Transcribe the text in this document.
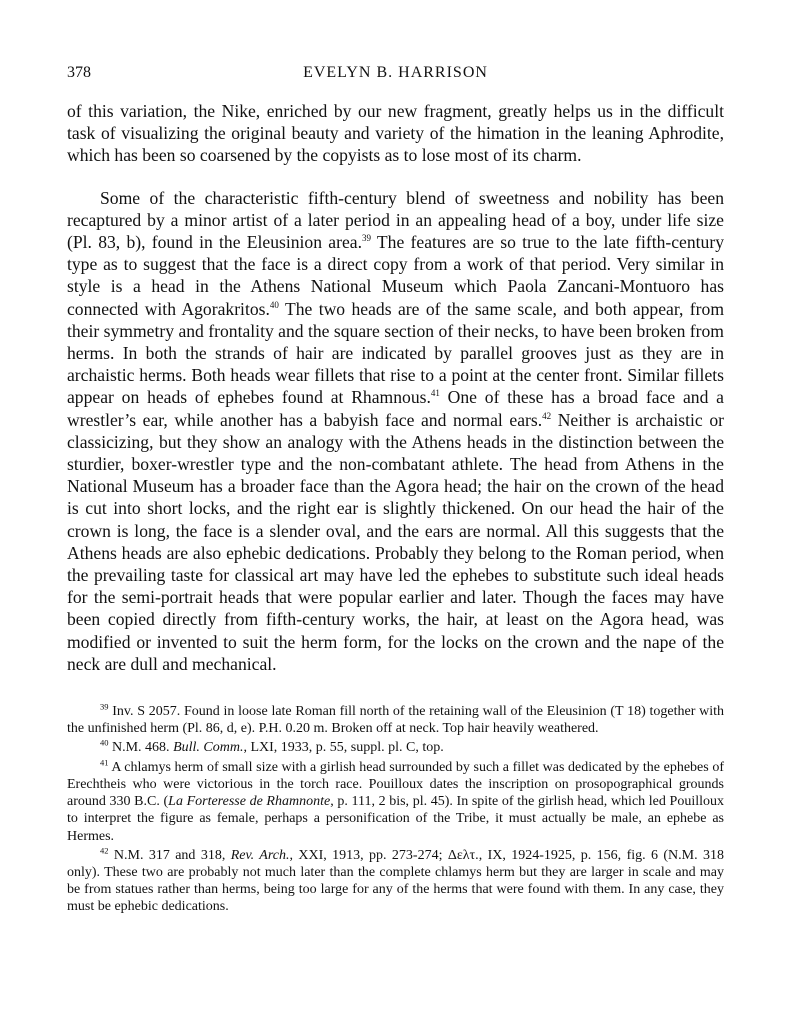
378	EVELYN B. HARRISON

of this variation, the Nike, enriched by our new fragment, greatly helps us in the difficult task of visualizing the original beauty and variety of the himation in the leaning Aphrodite, which has been so coarsened by the copyists as to lose most of its charm.

Some of the characteristic fifth-century blend of sweetness and nobility has been recaptured by a minor artist of a later period in an appealing head of a boy, under life size (Pl. 83, b), found in the Eleusinion area.$^{39}$ The features are so true to the late fifth-century type as to suggest that the face is a direct copy from a work of that period. Very similar in style is a head in the Athens National Museum which Paola Zancani-Montuoro has connected with Agorakritos.$^{40}$ The two heads are of the same scale, and both appear, from their symmetry and frontality and the square section of their necks, to have been broken from herms. In both the strands of hair are indicated by parallel grooves just as they are in archaistic herms. Both heads wear fillets that rise to a point at the center front. Similar fillets appear on heads of ephebes found at Rhamnous.$^{41}$ One of these has a broad face and a wrestler’s ear, while another has a babyish face and normal ears.$^{42}$ Neither is archaistic or classicizing, but they show an analogy with the Athens heads in the distinction between the sturdier, boxer-wrestler type and the non-combatant athlete. The head from Athens in the National Museum has a broader face than the Agora head; the hair on the crown of the head is cut into short locks, and the right ear is slightly thickened. On our head the hair of the crown is long, the face is a slender oval, and the ears are normal. All this suggests that the Athens heads are also ephebic dedications. Probably they belong to the Roman period, when the prevailing taste for classical art may have led the ephebes to substitute such ideal heads for the semi-portrait heads that were popular earlier and later. Though the faces may have been copied directly from fifth-century works, the hair, at least on the Agora head, was modified or invented to suit the herm form, for the locks on the crown and the nape of the neck are dull and mechanical.

$^{39}$ Inv. S 2057. Found in loose late Roman fill north of the retaining wall of the Eleusinion (T 18) together with the unfinished herm (Pl. 86, d, e). P.H. 0.20 m. Broken off at neck. Top hair heavily weathered.

$^{40}$ N.M. 468. Bull. Comm., LXI, 1933, p. 55, suppl. pl. C, top.

$^{41}$ A chlamys herm of small size with a girlish head surrounded by such a fillet was dedicated by the ephebes of Erechtheis who were victorious in the torch race. Pouilloux dates the inscription on prosopographical grounds around 330 B.C. (La Forteresse de Rhamnonte, p. 111, 2 bis, pl. 45). In spite of the girlish head, which led Pouilloux to interpret the figure as female, perhaps a personification of the Tribe, it must actually be male, an ephebe as Hermes.

$^{42}$ N.M. 317 and 318, Rev. Arch., XXI, 1913, pp. 273-274; Δελτ., IX, 1924-1925, p. 156, fig. 6 (N.M. 318 only). These two are probably not much later than the complete chlamys herm but they are larger in scale and may be from statues rather than herms, being too large for any of the herms that were found with them. In any case, they must be ephebic dedications.
